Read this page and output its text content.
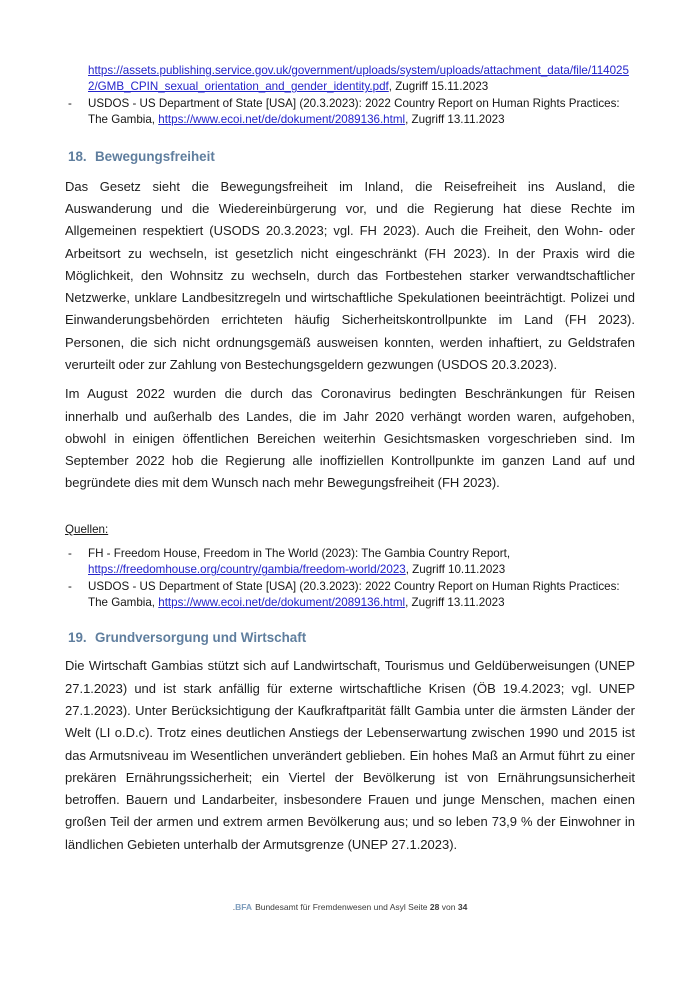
https://assets.publishing.service.gov.uk/government/uploads/system/uploads/attachment_data/file/1140252/GMB_CPIN_sexual_orientation_and_gender_identity.pdf, Zugriff 15.11.2023
- USDOS - US Department of State [USA] (20.3.2023): 2022 Country Report on Human Rights Practices: The Gambia, https://www.ecoi.net/de/dokument/2089136.html, Zugriff 13.11.2023
18. Bewegungsfreiheit

Das Gesetz sieht die Bewegungsfreiheit im Inland, die Reisefreiheit ins Ausland, die Auswanderung und die Wiedereinbürgerung vor, und die Regierung hat diese Rechte im Allgemeinen respektiert (USODS 20.3.2023; vgl. FH 2023). Auch die Freiheit, den Wohn- oder Arbeitsort zu wechseln, ist gesetzlich nicht eingeschränkt (FH 2023). In der Praxis wird die Möglichkeit, den Wohnsitz zu wechseln, durch das Fortbestehen starker verwandtschaftlicher Netzwerke, unklare Landbesitzregeln und wirtschaftliche Spekulationen beeinträchtigt. Polizei und Einwanderungsbehörden errichteten häufig Sicherheitskontrollpunkte im Land (FH 2023). Personen, die sich nicht ordnungsgemäß ausweisen konnten, werden inhaftiert, zu Geldstrafen verurteilt oder zur Zahlung von Bestechungsgeldern gezwungen (USDOS 20.3.2023).

Im August 2022 wurden die durch das Coronavirus bedingten Beschränkungen für Reisen innerhalb und außerhalb des Landes, die im Jahr 2020 verhängt worden waren, aufgehoben, obwohl in einigen öffentlichen Bereichen weiterhin Gesichtsmasken vorgeschrieben sind. Im September 2022 hob die Regierung alle inoffiziellen Kontrollpunkte im ganzen Land auf und begründete dies mit dem Wunsch nach mehr Bewegungsfreiheit (FH 2023).

Quellen:
- FH - Freedom House, Freedom in The World (2023): The Gambia Country Report, https://freedomhouse.org/country/gambia/freedom-world/2023, Zugriff 10.11.2023
- USDOS - US Department of State [USA] (20.3.2023): 2022 Country Report on Human Rights Practices: The Gambia, https://www.ecoi.net/de/dokument/2089136.html, Zugriff 13.11.2023
19. Grundversorgung und Wirtschaft

Die Wirtschaft Gambias stützt sich auf Landwirtschaft, Tourismus und Geldüberweisungen (UNEP 27.1.2023) und ist stark anfällig für externe wirtschaftliche Krisen (ÖB 19.4.2023; vgl. UNEP 27.1.2023). Unter Berücksichtigung der Kaufkraftparität fällt Gambia unter die ärmsten Länder der Welt (LI o.D.c). Trotz eines deutlichen Anstiegs der Lebenserwartung zwischen 1990 und 2015 ist das Armutsniveau im Wesentlichen unverändert geblieben. Ein hohes Maß an Armut führt zu einer prekären Ernährungssicherheit; ein Viertel der Bevölkerung ist von Ernährungsunsicherheit betroffen. Bauern und Landarbeiter, insbesondere Frauen und junge Menschen, machen einen großen Teil der armen und extrem armen Bevölkerung aus; und so leben 73,9 % der Einwohner in ländlichen Gebieten unterhalb der Armutsgrenze (UNEP 27.1.2023).

.BFA Bundesamt für Fremdenwesen und Asyl Seite 28 von 34
